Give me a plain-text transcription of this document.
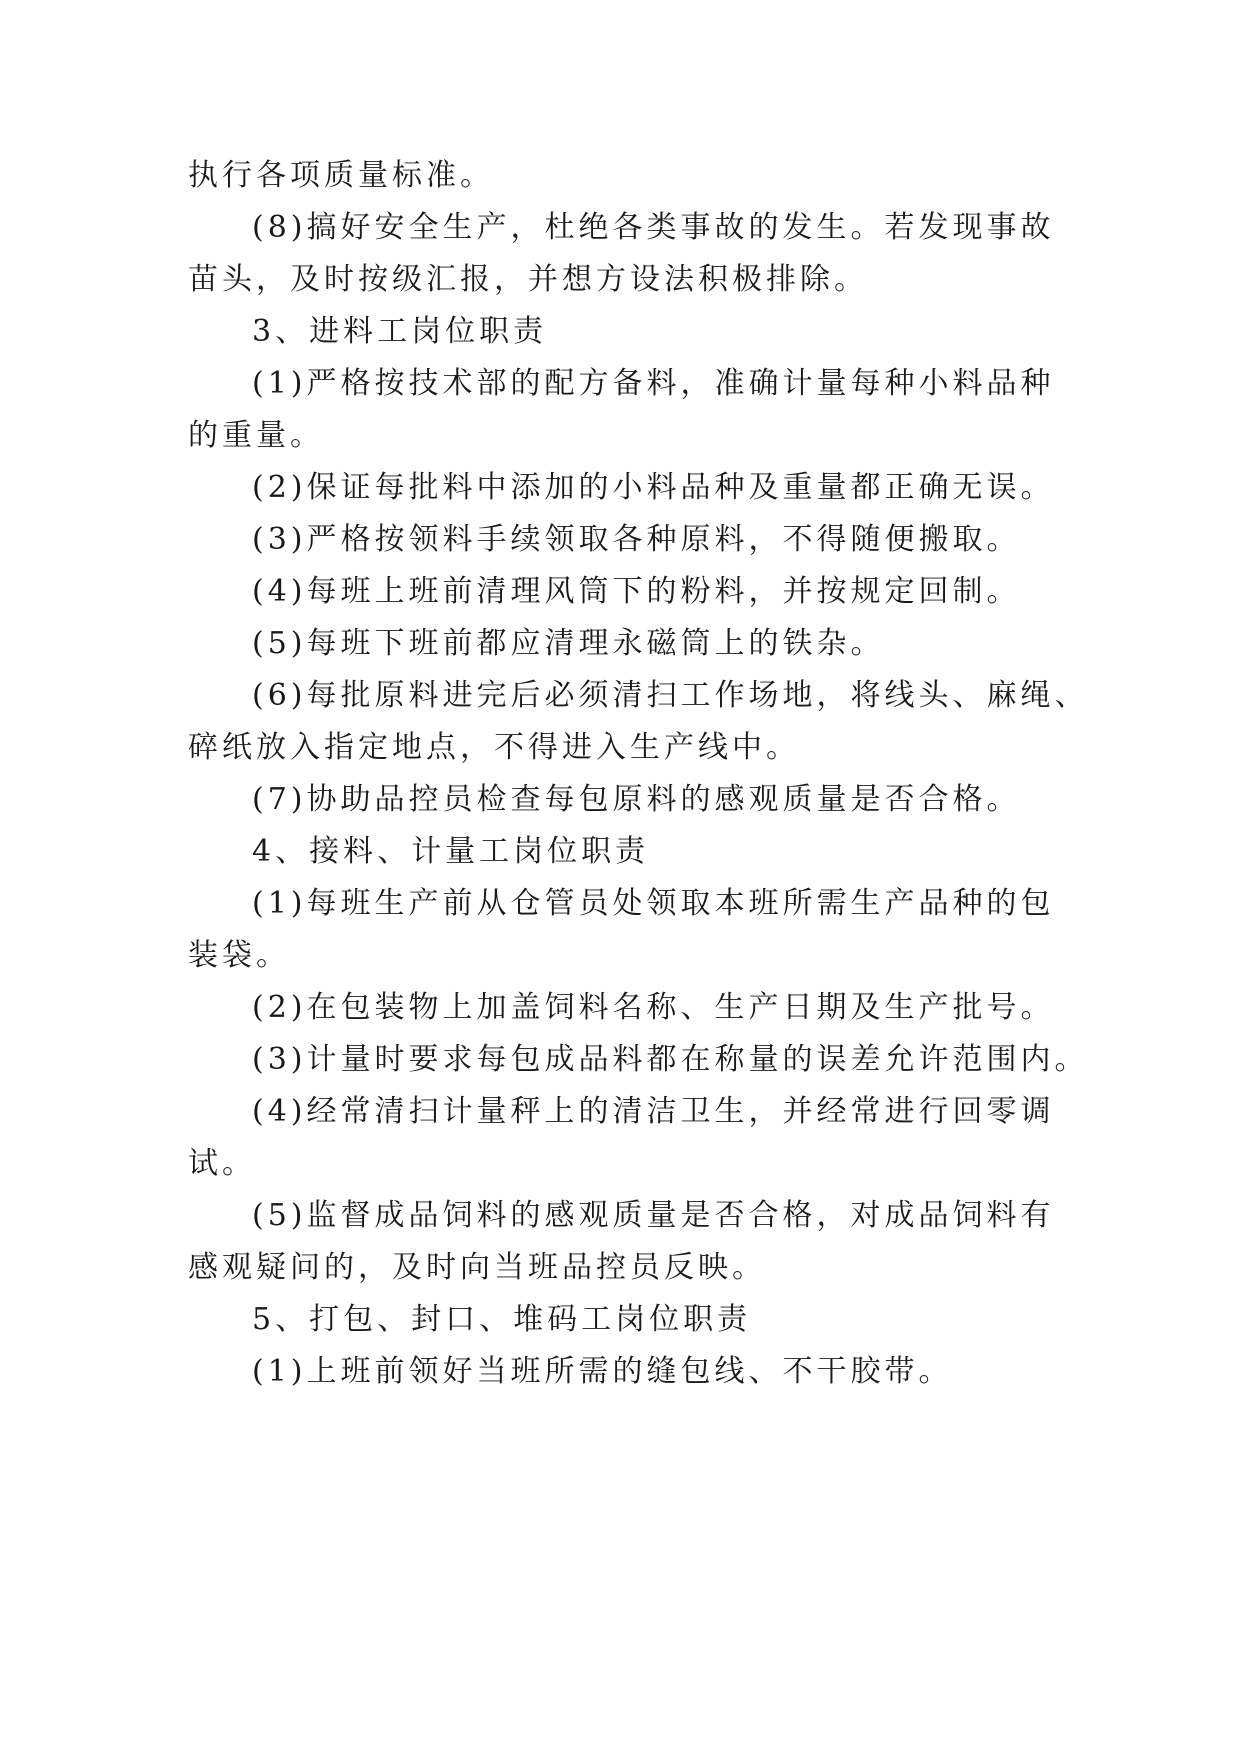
执行各项质量标准。
(8)搞好安全生产，杜绝各类事故的发生。若发现事故
苗头，及时按级汇报，并想方设法积极排除。
3、进料工岗位职责
(1)严格按技术部的配方备料，准确计量每种小料品种
的重量。
(2)保证每批料中添加的小料品种及重量都正确无误。
(3)严格按领料手续领取各种原料，不得随便搬取。
(4)每班上班前清理风筒下的粉料，并按规定回制。
(5)每班下班前都应清理永磁筒上的铁杂。
(6)每批原料进完后必须清扫工作场地，将线头、麻绳、
碎纸放入指定地点，不得进入生产线中。
(7)协助品控员检查每包原料的感观质量是否合格。
4、接料、计量工岗位职责
(1)每班生产前从仓管员处领取本班所需生产品种的包
装袋。
(2)在包装物上加盖饲料名称、生产日期及生产批号。
(3)计量时要求每包成品料都在称量的误差允许范围内。
(4)经常清扫计量秤上的清洁卫生，并经常进行回零调
试。
(5)监督成品饲料的感观质量是否合格，对成品饲料有
感观疑问的，及时向当班品控员反映。
5、打包、封口、堆码工岗位职责
(1)上班前领好当班所需的缝包线、不干胶带。
